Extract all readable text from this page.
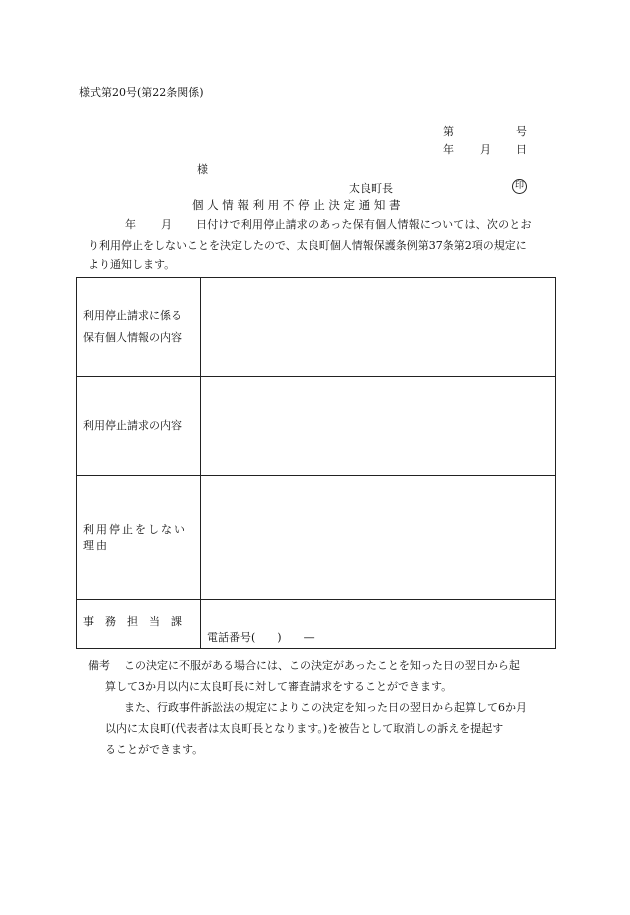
様式第20号(第22条関係)
第	号
年 月 日
様
太良町長	印
個 人 情 報 利 用 不 停 止 決 定 通 知 書
年 月 日付けで利用停止請求のあった保有個人情報については、次のとお
り利用停止をしないことを決定したので、太良町個人情報保護条例第37条第2項の規定に
より通知します。
利用停止請求に係る
保有個人情報の内容	

利用停止請求の内容	

利用停止をしない
理由	

事　務　担　当　課	電話番号(　　)　　—
備考 この決定に不服がある場合には、この決定があったことを知った日の翌日から起
算して3か月以内に太良町長に対して審査請求をすることができます。
また、行政事件訴訟法の規定によりこの決定を知った日の翌日から起算して6か月
以内に太良町(代表者は太良町長となります。)を被告として取消しの訴えを提起す
ることができます。
